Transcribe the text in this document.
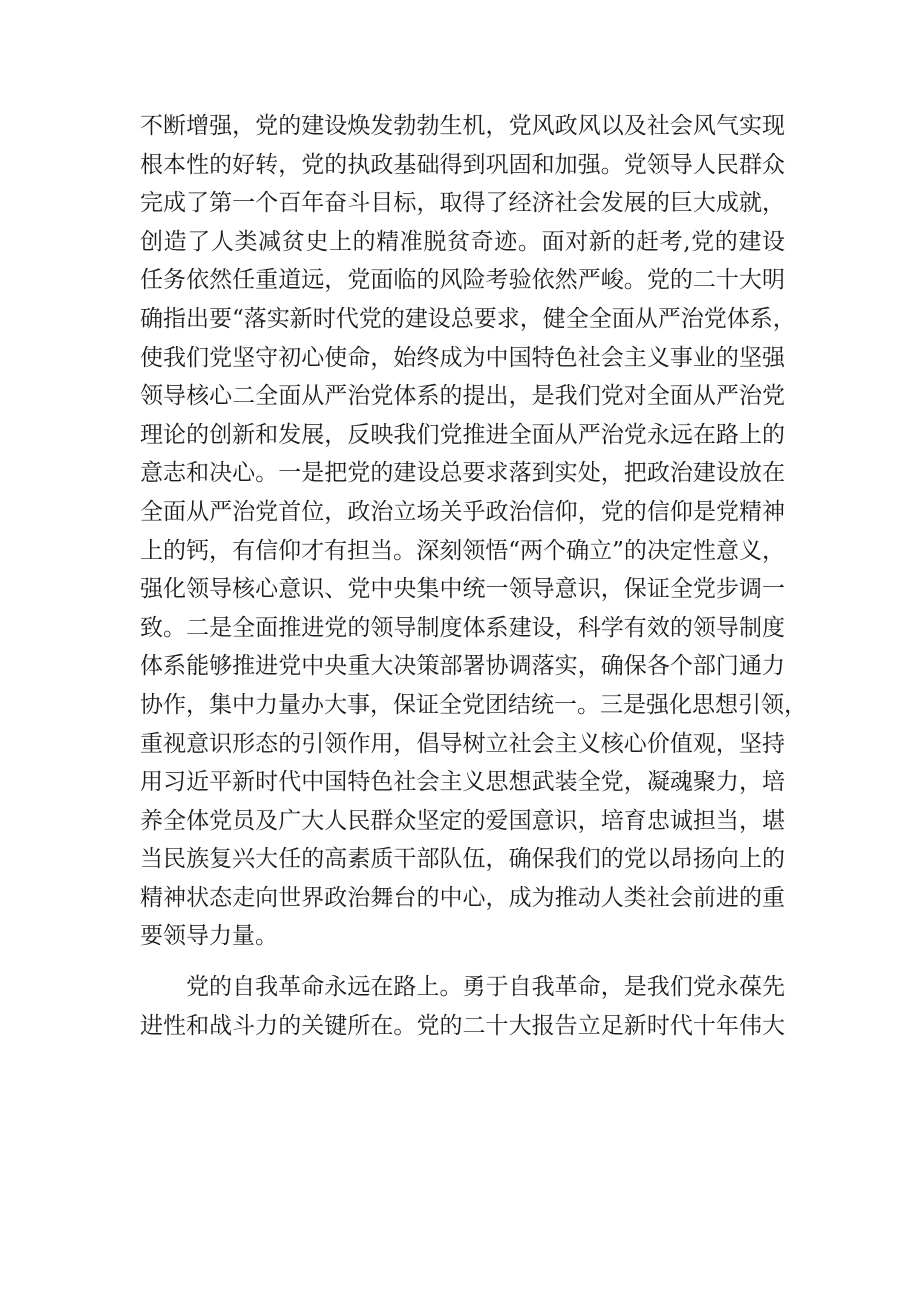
不断增强，党的建设焕发勃勃生机，党风政风以及社会风气实现
根本性的好转，党的执政基础得到巩固和加强。党领导人民群众
完成了第一个百年奋斗目标，取得了经济社会发展的巨大成就，
创造了人类减贫史上的精准脱贫奇迹。面对新的赶考,党的建设
任务依然任重道远，党面临的风险考验依然严峻。党的二十大明
确指出要“落实新时代党的建设总要求，健全全面从严治党体系，
使我们党坚守初心使命，始终成为中国特色社会主义事业的坚强
领导核心二全面从严治党体系的提出，是我们党对全面从严治党
理论的创新和发展，反映我们党推进全面从严治党永远在路上的
意志和决心。一是把党的建设总要求落到实处，把政治建设放在
全面从严治党首位，政治立场关乎政治信仰，党的信仰是党精神
上的钙，有信仰才有担当。深刻领悟“两个确立”的决定性意义，
强化领导核心意识、党中央集中统一领导意识，保证全党步调一
致。二是全面推进党的领导制度体系建设，科学有效的领导制度
体系能够推进党中央重大决策部署协调落实，确保各个部门通力
协作，集中力量办大事，保证全党团结统一。三是强化思想引领，
重视意识形态的引领作用，倡导树立社会主义核心价值观，坚持
用习近平新时代中国特色社会主义思想武装全党，凝魂聚力，培
养全体党员及广大人民群众坚定的爱国意识，培育忠诚担当，堪
当民族复兴大任的高素质干部队伍，确保我们的党以昂扬向上的
精神状态走向世界政治舞台的中心，成为推动人类社会前进的重
要领导力量。
党的自我革命永远在路上。勇于自我革命，是我们党永葆先
进性和战斗力的关键所在。党的二十大报告立足新时代十年伟大
